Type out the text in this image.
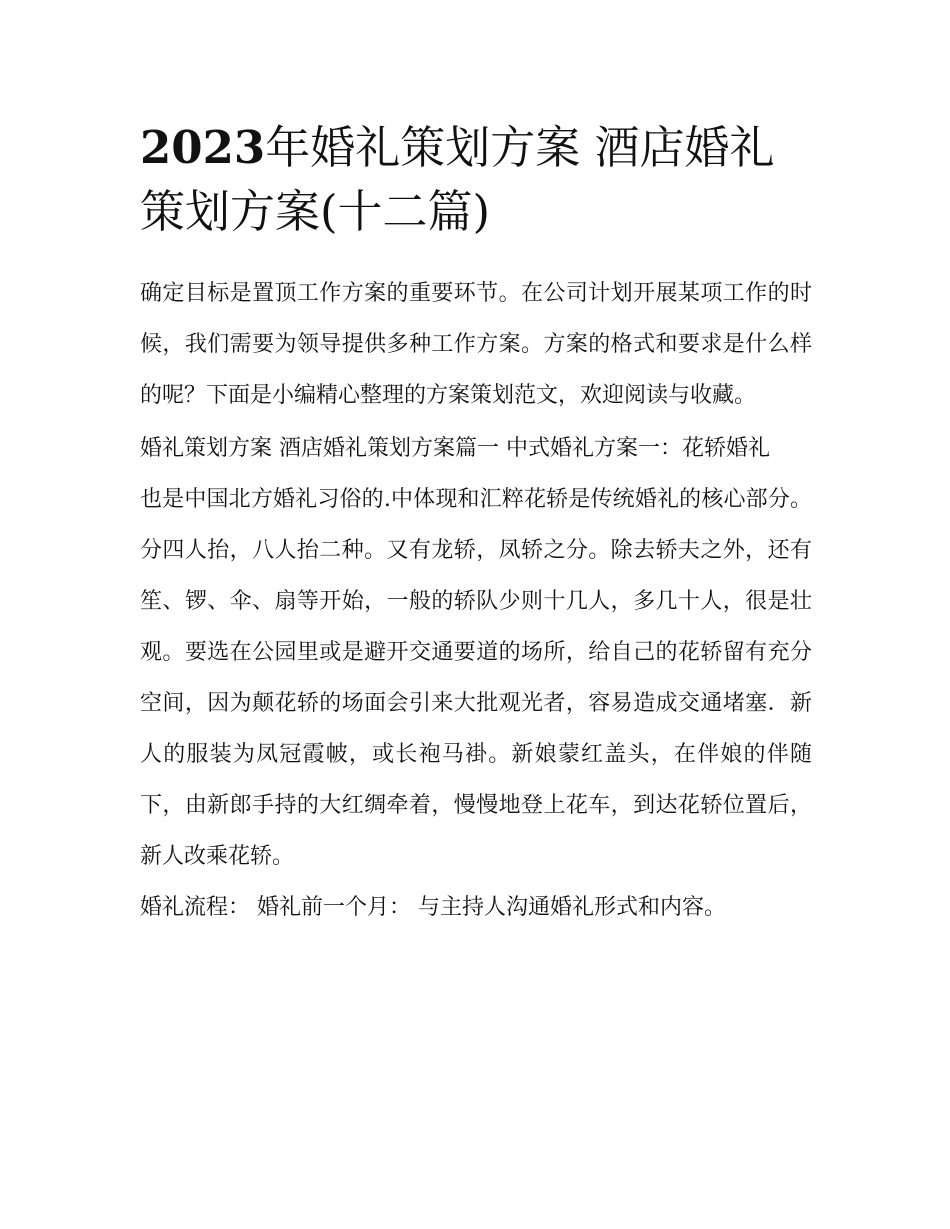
2023年婚礼策划方案 酒店婚礼策划方案(十二篇)

确定目标是置顶工作方案的重要环节。在公司计划开展某项工作的时候，我们需要为领导提供多种工作方案。方案的格式和要求是什么样的呢？下面是小编精心整理的方案策划范文，欢迎阅读与收藏。

婚礼策划方案 酒店婚礼策划方案篇一 中式婚礼方案一：花轿婚礼

也是中国北方婚礼习俗的.中体现和汇粹花轿是传统婚礼的核心部分。分四人抬，八人抬二种。又有龙轿，凤轿之分。除去轿夫之外，还有笙、锣、伞、扇等开始，一般的轿队少则十几人，多几十人，很是壮观。要选在公园里或是避开交通要道的场所，给自己的花轿留有充分空间，因为颠花轿的场面会引来大批观光者，容易造成交通堵塞．新人的服装为凤冠霞帔，或长袍马褂。新娘蒙红盖头，在伴娘的伴随下，由新郎手持的大红绸牵着，慢慢地登上花车，到达花轿位置后，新人改乘花轿。

婚礼流程： 婚礼前一个月： 与主持人沟通婚礼形式和内容。
